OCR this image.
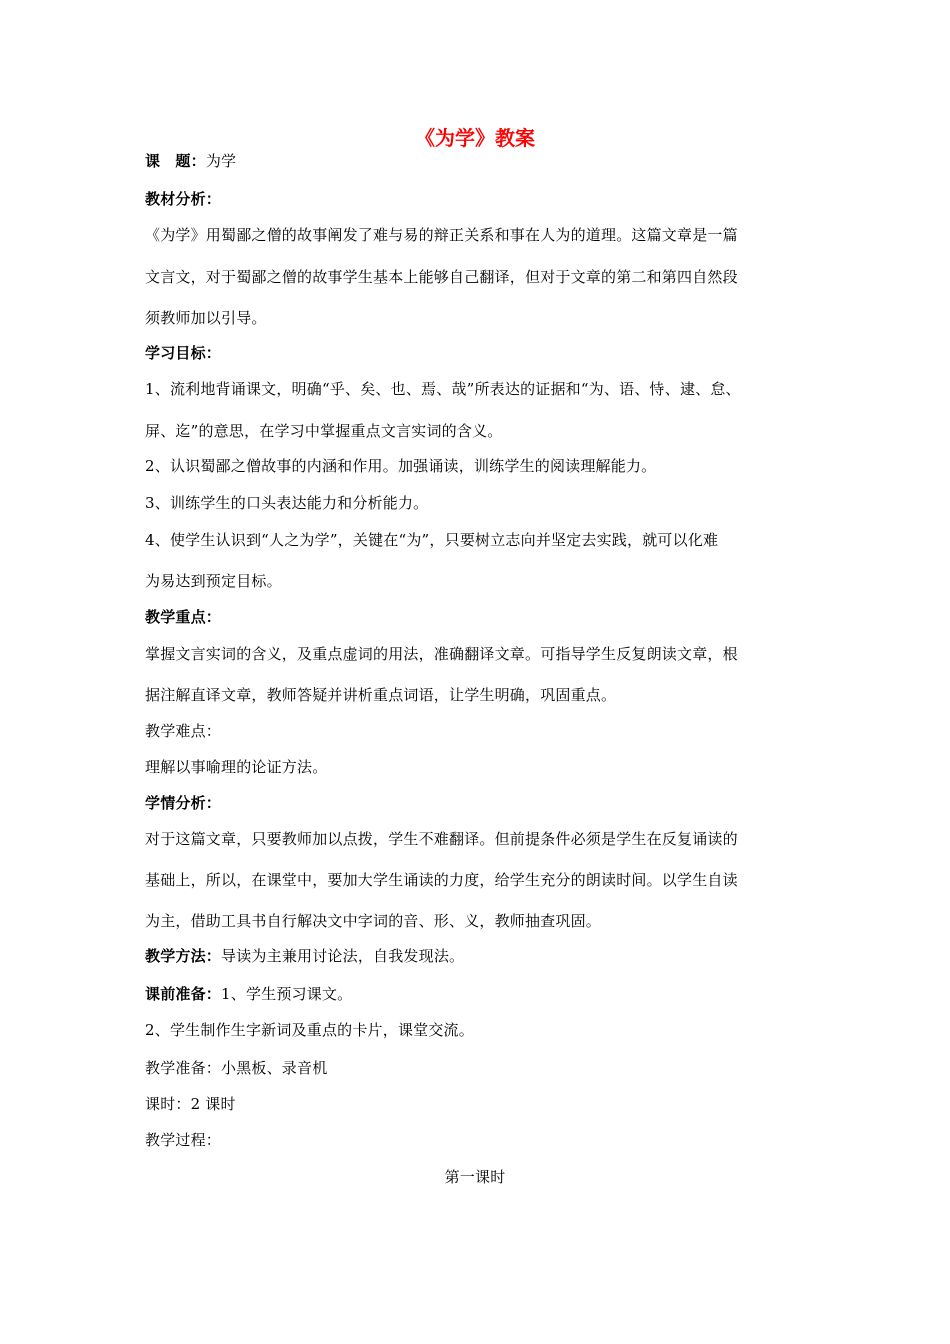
《为学》教案
课　题：为学
教材分析：
《为学》用蜀鄙之僧的故事阐发了难与易的辩正关系和事在人为的道理。这篇文章是一篇
文言文，对于蜀鄙之僧的故事学生基本上能够自己翻译，但对于文章的第二和第四自然段
须教师加以引导。
学习目标：
1、流利地背诵课文，明确“乎、矣、也、焉、哉”所表达的证据和“为、语、恃、逮、怠、
屏、迄”的意思，在学习中掌握重点文言实词的含义。
2、认识蜀鄙之僧故事的内涵和作用。加强诵读，训练学生的阅读理解能力。
3、训练学生的口头表达能力和分析能力。
4、使学生认识到“人之为学”，关键在“为”，只要树立志向并坚定去实践，就可以化难
为易达到预定目标。
教学重点：
掌握文言实词的含义，及重点虚词的用法，准确翻译文章。可指导学生反复朗读文章，根
据注解直译文章，教师答疑并讲析重点词语，让学生明确，巩固重点。
教学难点：
理解以事喻理的论证方法。
学情分析：
对于这篇文章，只要教师加以点拨，学生不难翻译。但前提条件必须是学生在反复诵读的
基础上，所以，在课堂中，要加大学生诵读的力度，给学生充分的朗读时间。以学生自读
为主，借助工具书自行解决文中字词的音、形、义，教师抽查巩固。
教学方法：导读为主兼用讨论法，自我发现法。
课前准备：1、学生预习课文。
2、学生制作生字新词及重点的卡片，课堂交流。
教学准备：小黑板、录音机
课时：2 课时
教学过程：
第一课时
